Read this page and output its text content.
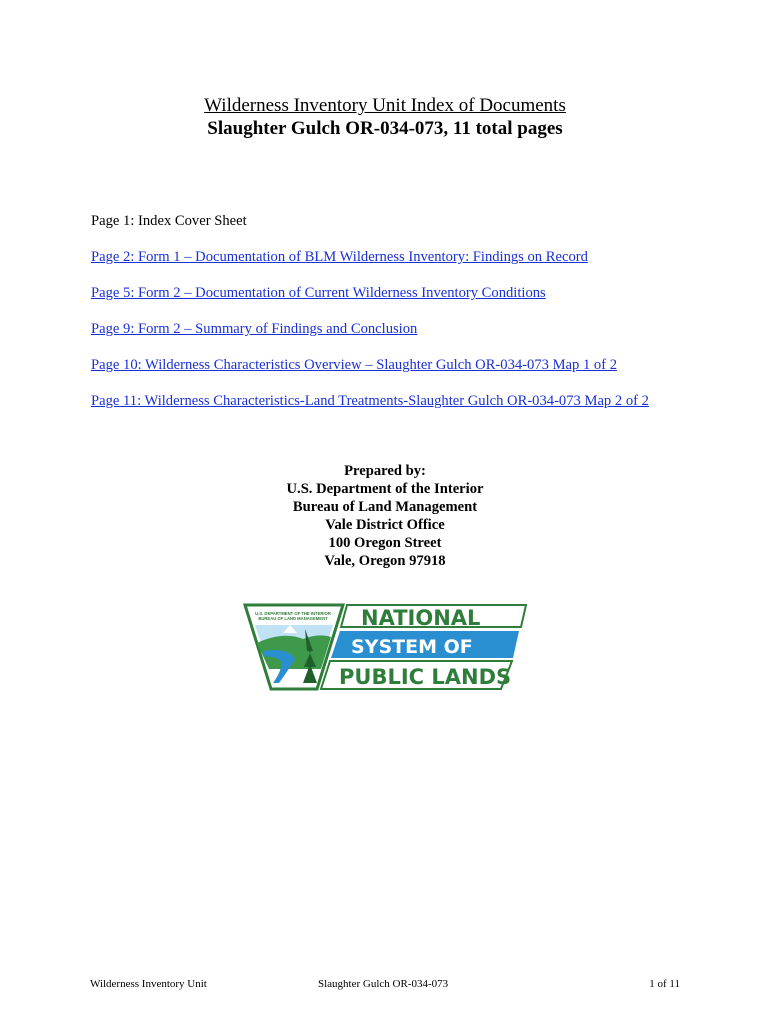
Wilderness Inventory Unit Index of Documents
Slaughter Gulch OR-034-073, 11 total pages
Page 1: Index Cover Sheet
Page 2: Form 1 – Documentation of BLM Wilderness Inventory: Findings on Record
Page 5: Form 2 – Documentation of Current Wilderness Inventory Conditions
Page 9: Form 2 – Summary of Findings and Conclusion
Page 10: Wilderness Characteristics Overview – Slaughter Gulch OR-034-073 Map 1 of 2
Page 11: Wilderness Characteristics-Land Treatments-Slaughter Gulch OR-034-073 Map 2 of 2
Prepared by:
U.S. Department of the Interior
Bureau of Land Management
Vale District Office
100 Oregon Street
Vale, Oregon 97918
U.S. DEPARTMENT OF THE INTERIOR
BUREAU OF LAND MANAGEMENT NATIONAL
SYSTEM OF
PUBLIC LANDS
Wilderness Inventory Unit	Slaughter Gulch OR-034-073	1 of 11
